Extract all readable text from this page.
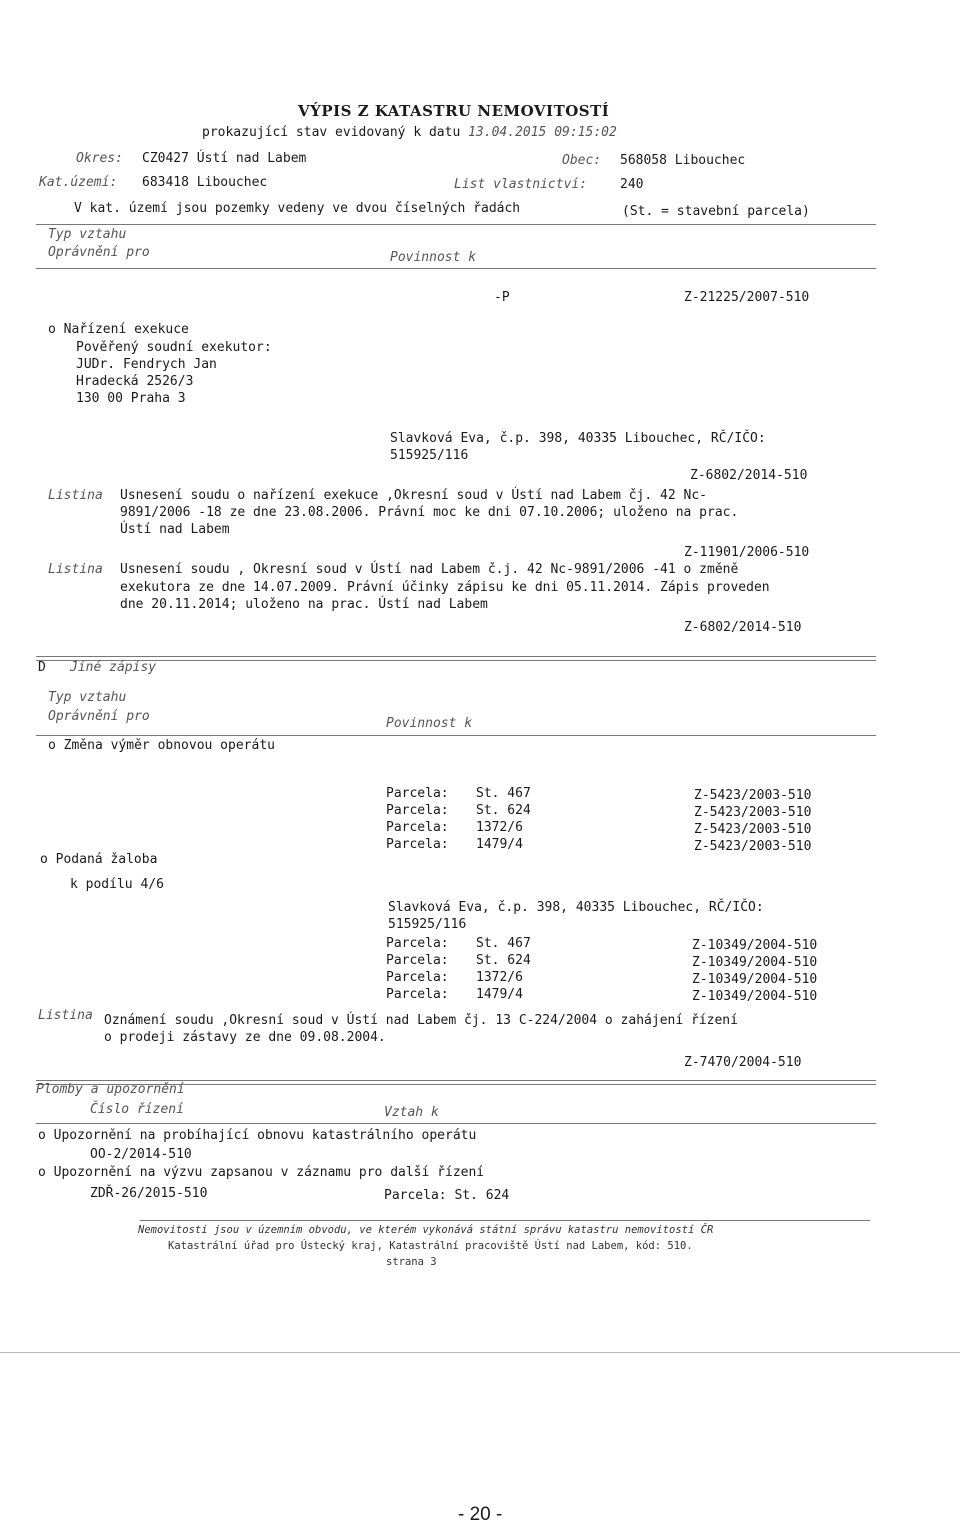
VÝPIS Z KATASTRU NEMOVITOSTÍ
prokazující stav evidovaný k datu 13.04.2015 09:15:02
Okres: CZ0427 Ústí nad Labem	Obec: 568058 Libouchec
Kat.území: 683418 Libouchec	List vlastnictví:	240
V kat. území jsou pozemky vedeny ve dvou číselných řadách	(St. = stavební parcela)
Typ vztahu
Oprávnění pro	Povinnost k
-P	Z-21225/2007-510
o Nařízení exekuce
Pověřený soudní exekutor:
JUDr. Fendrych Jan
Hradecká 2526/3
130 00 Praha 3
Slavková Eva, č.p. 398, 40335 Libouchec, RČ/IČO:
515925/116
Z-6802/2014-510
Listina Usnesení soudu o nařízení exekuce ,Okresní soud v Ústí nad Labem čj. 42 Nc-
9891/2006 -18 ze dne 23.08.2006. Právní moc ke dni 07.10.2006; uloženo na prac.
Ústí nad Labem
Z-11901/2006-510
Listina Usnesení soudu , Okresní soud v Ústí nad Labem č.j. 42 Nc-9891/2006 -41 o změně
exekutora ze dne 14.07.2009. Právní účinky zápisu ke dni 05.11.2014. Zápis proveden
dne 20.11.2014; uloženo na prac. Ústí nad Labem
Z-6802/2014-510
D Jiné zápisy
Typ vztahu
Oprávnění pro	Povinnost k
o Změna výměr obnovou operátu
Parcela: St. 467	Z-5423/2003-510
Parcela: St. 624	Z-5423/2003-510
Parcela: 1372/6	Z-5423/2003-510
Parcela: 1479/4	Z-5423/2003-510
o Podaná žaloba
k podílu 4/6
Slavková Eva, č.p. 398, 40335 Libouchec, RČ/IČO:
515925/116
Parcela: St. 467	Z-10349/2004-510
Parcela: St. 624	Z-10349/2004-510
Parcela: 1372/6	Z-10349/2004-510
Parcela: 1479/4	Z-10349/2004-510
Listina Oznámení soudu ,Okresní soud v Ústí nad Labem čj. 13 C-224/2004 o zahájení řízení
o prodeji zástavy ze dne 09.08.2004.
Z-7470/2004-510
Plomby a upozornění
Číslo řízení	Vztah k
o Upozornění na probíhající obnovu katastrálního operátu
OO-2/2014-510
o Upozornění na výzvu zapsanou v záznamu pro další řízení
ZDŘ-26/2015-510	Parcela: St. 624
Nemovitosti jsou v územním obvodu, ve kterém vykonává státní správu katastru nemovitostí ČR
Katastrální úřad pro Ústecký kraj, Katastrální pracoviště Ústí nad Labem, kód: 510.
strana 3
- 20 -
